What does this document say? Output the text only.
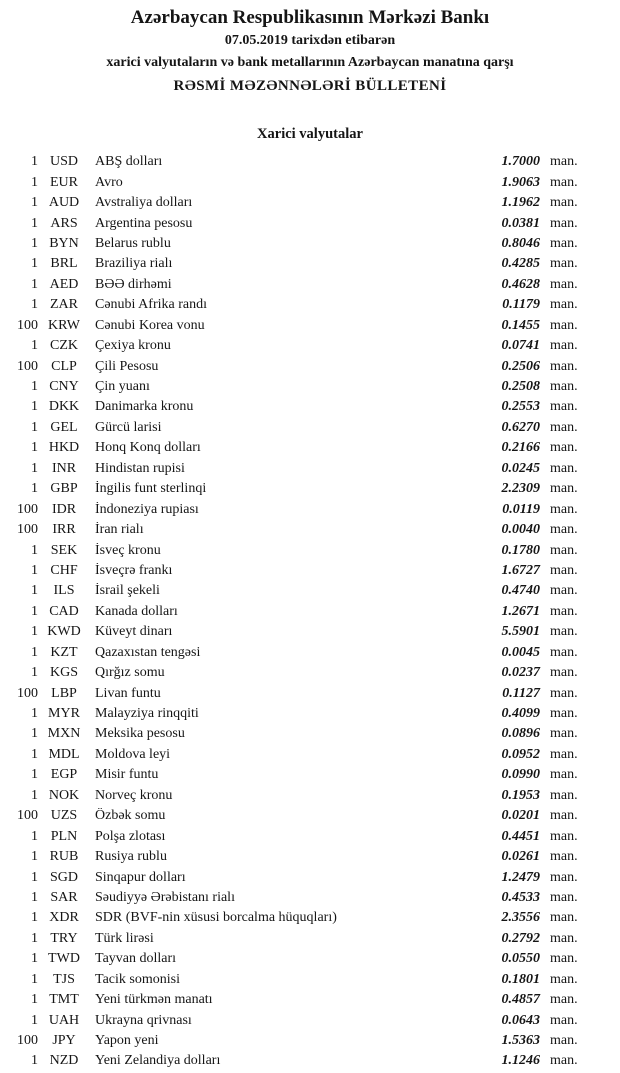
Azərbaycan Respublikasının Mərkəzi Bankı
07.05.2019 tarixdən etibarən
xarici valyutaların və bank metallarının Azərbaycan manatına qarşı
RƏSMİ MƏZƏNNƏLƏRİ BÜLLETENİ
Xarici valyutalar
1 USD	ABŞ dolları	1.7000 man.
1 EUR	Avro	1.9063 man.
1 AUD	Avstraliya dolları	1.1962 man.
1 ARS	Argentina pesosu	0.0381 man.
1 BYN	Belarus rublu	0.8046 man.
1 BRL	Braziliya rialı	0.4285 man.
1 AED	BƏƏ dirhəmi	0.4628 man.
1 ZAR	Cənubi Afrika randı	0.1179 man.
100 KRW	Cənubi Korea vonu	0.1455 man.
1 CZK	Çexiya kronu	0.0741 man.
100 CLP	Çili Pesosu	0.2506 man.
1 CNY	Çin yuanı	0.2508 man.
1 DKK	Danimarka kronu	0.2553 man.
1 GEL	Gürcü larisi	0.6270 man.
1 HKD	Honq Konq dolları	0.2166 man.
1 INR	Hindistan rupisi	0.0245 man.
1 GBP	İngilis funt sterlinqi	2.2309 man.
100 IDR	İndoneziya rupiası	0.0119 man.
100	IRR	İran rialı	0.0040 man.
1 SEK	İsveç kronu	0.1780 man.
1 CHF	İsveçrə frankı	1.6727 man.
1	ILS	İsrail şekeli	0.4740 man.
1 CAD	Kanada dolları	1.2671 man.
1 KWD	Küveyt dinarı	5.5901 man.
1 KZT	Qazaxıstan tengəsi	0.0045 man.
1 KGS	Qırğız somu	0.0237 man.
100 LBP	Livan funtu	0.1127 man.
1 MYR	Malayziya rinqqiti	0.4099 man.
1 MXN	Meksika pesosu	0.0896 man.
1 MDL	Moldova leyi	0.0952 man.
1 EGP	Misir funtu	0.0990 man.
1 NOK	Norveç kronu	0.1953 man.
100 UZS	Özbək somu	0.0201 man.
1 PLN	Polşa zlotası	0.4451 man.
1 RUB	Rusiya rublu	0.0261 man.
1 SGD	Sinqapur dolları	1.2479 man.
1 SAR	Səudiyyə Ərəbistanı rialı	0.4533 man.
1 XDR	SDR (BVF-nin xüsusi borcalma hüquqları)	2.3556 man.
1 TRY	Türk lirəsi	0.2792 man.
1 TWD	Tayvan dolları	0.0550 man.
1	TJS	Tacik somonisi	0.1801 man.
1 TMT	Yeni türkmən manatı	0.4857 man.
1 UAH	Ukrayna qrivnası	0.0643 man.
100	JPY	Yapon yeni	1.5363 man.
1 NZD	Yeni Zelandiya dolları	1.1246 man.
